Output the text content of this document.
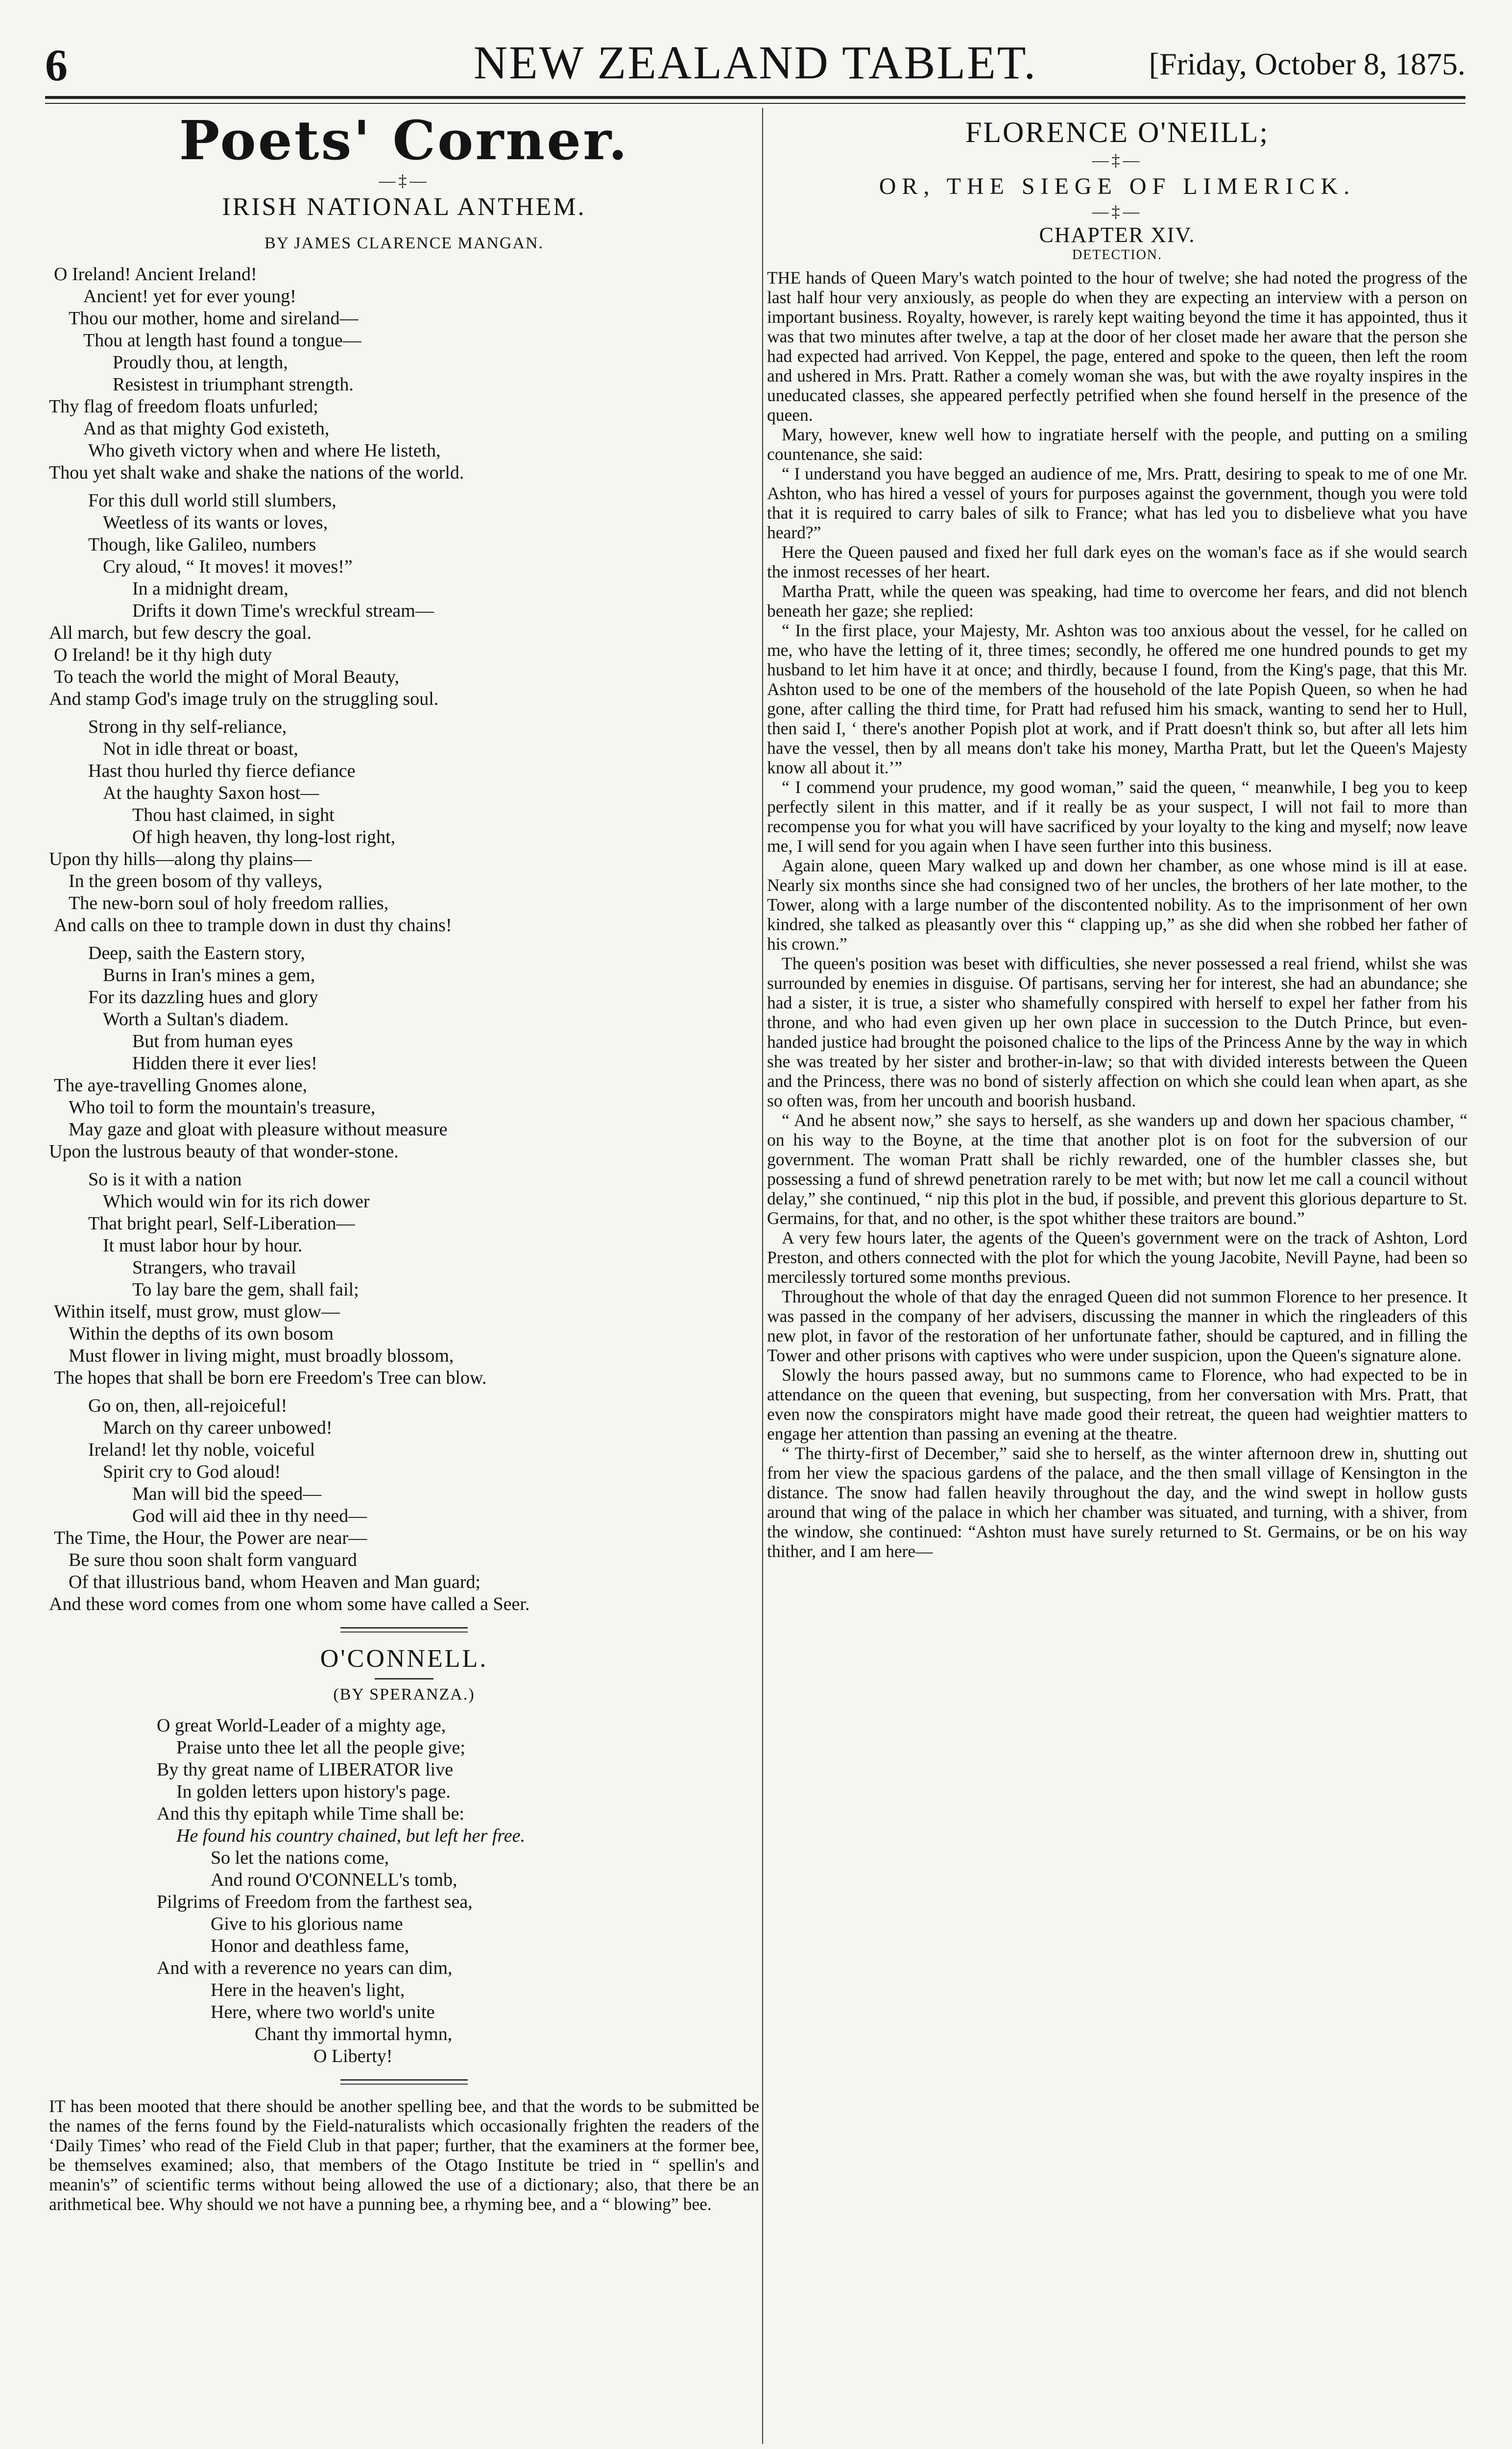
6	NEW ZEALAND TABLET.	[Friday, October 8, 1875.
Poets' Corner.
—‡—
IRISH NATIONAL ANTHEM.
BY JAMES CLARENCE MANGAN.
O Ireland! Ancient Ireland!
Ancient! yet for ever young!
Thou our mother, home and sireland—
Thou at length hast found a tongue—
Proudly thou, at length,
Resistest in triumphant strength.
Thy flag of freedom floats unfurled;
And as that mighty God existeth,
Who giveth victory when and where He listeth,
Thou yet shalt wake and shake the nations of the world.
For this dull world still slumbers,
Weetless of its wants or loves,
Though, like Galileo, numbers
Cry aloud, “ It moves! it moves!”
In a midnight dream,
Drifts it down Time's wreckful stream—
All march, but few descry the goal.
O Ireland! be it thy high duty
To teach the world the might of Moral Beauty,
And stamp God's image truly on the struggling soul.
Strong in thy self-reliance,
Not in idle threat or boast,
Hast thou hurled thy fierce defiance
At the haughty Saxon host—
Thou hast claimed, in sight
Of high heaven, thy long-lost right,
Upon thy hills—along thy plains—
In the green bosom of thy valleys,
The new-born soul of holy freedom rallies,
And calls on thee to trample down in dust thy chains!
Deep, saith the Eastern story,
Burns in Iran's mines a gem,
For its dazzling hues and glory
Worth a Sultan's diadem.
But from human eyes
Hidden there it ever lies!
The aye-travelling Gnomes alone,
Who toil to form the mountain's treasure,
May gaze and gloat with pleasure without measure
Upon the lustrous beauty of that wonder-stone.
So is it with a nation
Which would win for its rich dower
That bright pearl, Self-Liberation—
It must labor hour by hour.
Strangers, who travail
To lay bare the gem, shall fail;
Within itself, must grow, must glow—
Within the depths of its own bosom
Must flower in living might, must broadly blossom,
The hopes that shall be born ere Freedom's Tree can blow.
Go on, then, all-rejoiceful!
March on thy career unbowed!
Ireland! let thy noble, voiceful
Spirit cry to God aloud!
Man will bid the speed—
God will aid thee in thy need—
The Time, the Hour, the Power are near—
Be sure thou soon shalt form vanguard
Of that illustrious band, whom Heaven and Man guard;
And these word comes from one whom some have called a Seer.
O'CONNELL.
(BY SPERANZA.)
O great World-Leader of a mighty age,
Praise unto thee let all the people give;
By thy great name of LIBERATOR live
In golden letters upon history's page.
And this thy epitaph while Time shall be:
He found his country chained, but left her free.
So let the nations come,
And round O'CONNELL's tomb,
Pilgrims of Freedom from the farthest sea,
Give to his glorious name
Honor and deathless fame,
And with a reverence no years can dim,
Here in the heaven's light,
Here, where two world's unite
Chant thy immortal hymn,
O Liberty!

IT has been mooted that there should be another spelling bee, and that the words to be submitted be the names of the ferns found by the Field-naturalists which occasionally frighten the readers of the ‘Daily Times’ who read of the Field Club in that paper; further, that the examiners at the former bee, be themselves examined; also, that members of the Otago Institute be tried in “ spellin's and meanin's” of scientific terms without being allowed the use of a dictionary; also, that there be an arithmetical bee. Why should we not have a punning bee, a rhyming bee, and a “ blowing” bee.

FLORENCE O'NEILL;
—‡—
OR, THE SIEGE OF LIMERICK.
—‡—
CHAPTER XIV.
DETECTION.

THE hands of Queen Mary's watch pointed to the hour of twelve; she had noted the progress of the last half hour very anxiously, as people do when they are expecting an interview with a person on important business. Royalty, however, is rarely kept waiting beyond the time it has appointed, thus it was that two minutes after twelve, a tap at the door of her closet made her aware that the person she had expected had arrived. Von Keppel, the page, entered and spoke to the queen, then left the room and ushered in Mrs. Pratt. Rather a comely woman she was, but with the awe royalty inspires in the uneducated classes, she appeared perfectly petrified when she found herself in the presence of the queen.

Mary, however, knew well how to ingratiate herself with the people, and putting on a smiling countenance, she said:

“ I understand you have begged an audience of me, Mrs. Pratt, desiring to speak to me of one Mr. Ashton, who has hired a vessel of yours for purposes against the government, though you were told that it is required to carry bales of silk to France; what has led you to disbelieve what you have heard?”

Here the Queen paused and fixed her full dark eyes on the woman's face as if she would search the inmost recesses of her heart.

Martha Pratt, while the queen was speaking, had time to overcome her fears, and did not blench beneath her gaze; she replied:

“ In the first place, your Majesty, Mr. Ashton was too anxious about the vessel, for he called on me, who have the letting of it, three times; secondly, he offered me one hundred pounds to get my husband to let him have it at once; and thirdly, because I found, from the King's page, that this Mr. Ashton used to be one of the members of the household of the late Popish Queen, so when he had gone, after calling the third time, for Pratt had refused him his smack, wanting to send her to Hull, then said I, ‘ there's another Popish plot at work, and if Pratt doesn't think so, but after all lets him have the vessel, then by all means don't take his money, Martha Pratt, but let the Queen's Majesty know all about it.’”

“ I commend your prudence, my good woman,” said the queen, “ meanwhile, I beg you to keep perfectly silent in this matter, and if it really be as your suspect, I will not fail to more than recompense you for what you will have sacrificed by your loyalty to the king and myself; now leave me, I will send for you again when I have seen further into this business.

Again alone, queen Mary walked up and down her chamber, as one whose mind is ill at ease. Nearly six months since she had consigned two of her uncles, the brothers of her late mother, to the Tower, along with a large number of the discontented nobility. As to the imprisonment of her own kindred, she talked as pleasantly over this “ clapping up,” as she did when she robbed her father of his crown.”

The queen's position was beset with difficulties, she never possessed a real friend, whilst she was surrounded by enemies in disguise. Of partisans, serving her for interest, she had an abundance; she had a sister, it is true, a sister who shamefully conspired with herself to expel her father from his throne, and who had even given up her own place in succession to the Dutch Prince, but even-handed justice had brought the poisoned chalice to the lips of the Princess Anne by the way in which she was treated by her sister and brother-in-law; so that with divided interests between the Queen and the Princess, there was no bond of sisterly affection on which she could lean when apart, as she so often was, from her uncouth and boorish husband.

“ And he absent now,” she says to herself, as she wanders up and down her spacious chamber, “ on his way to the Boyne, at the time that another plot is on foot for the subversion of our government. The woman Pratt shall be richly rewarded, one of the humbler classes she, but possessing a fund of shrewd penetration rarely to be met with; but now let me call a council without delay,” she continued, “ nip this plot in the bud, if possible, and prevent this glorious departure to St. Germains, for that, and no other, is the spot whither these traitors are bound.”

A very few hours later, the agents of the Queen's government were on the track of Ashton, Lord Preston, and others connected with the plot for which the young Jacobite, Nevill Payne, had been so mercilessly tortured some months previous.

Throughout the whole of that day the enraged Queen did not summon Florence to her presence. It was passed in the company of her advisers, discussing the manner in which the ringleaders of this new plot, in favor of the restoration of her unfortunate father, should be captured, and in filling the Tower and other prisons with captives who were under suspicion, upon the Queen's signature alone.

Slowly the hours passed away, but no summons came to Florence, who had expected to be in attendance on the queen that evening, but suspecting, from her conversation with Mrs. Pratt, that even now the conspirators might have made good their retreat, the queen had weightier matters to engage her attention than passing an evening at the theatre.

“ The thirty-first of December,” said she to herself, as the winter afternoon drew in, shutting out from her view the spacious gardens of the palace, and the then small village of Kensington in the distance. The snow had fallen heavily throughout the day, and the wind swept in hollow gusts around that wing of the palace in which her chamber was situated, and turning, with a shiver, from the window, she continued: “Ashton must have surely returned to St. Germains, or be on his way thither, and I am here—
